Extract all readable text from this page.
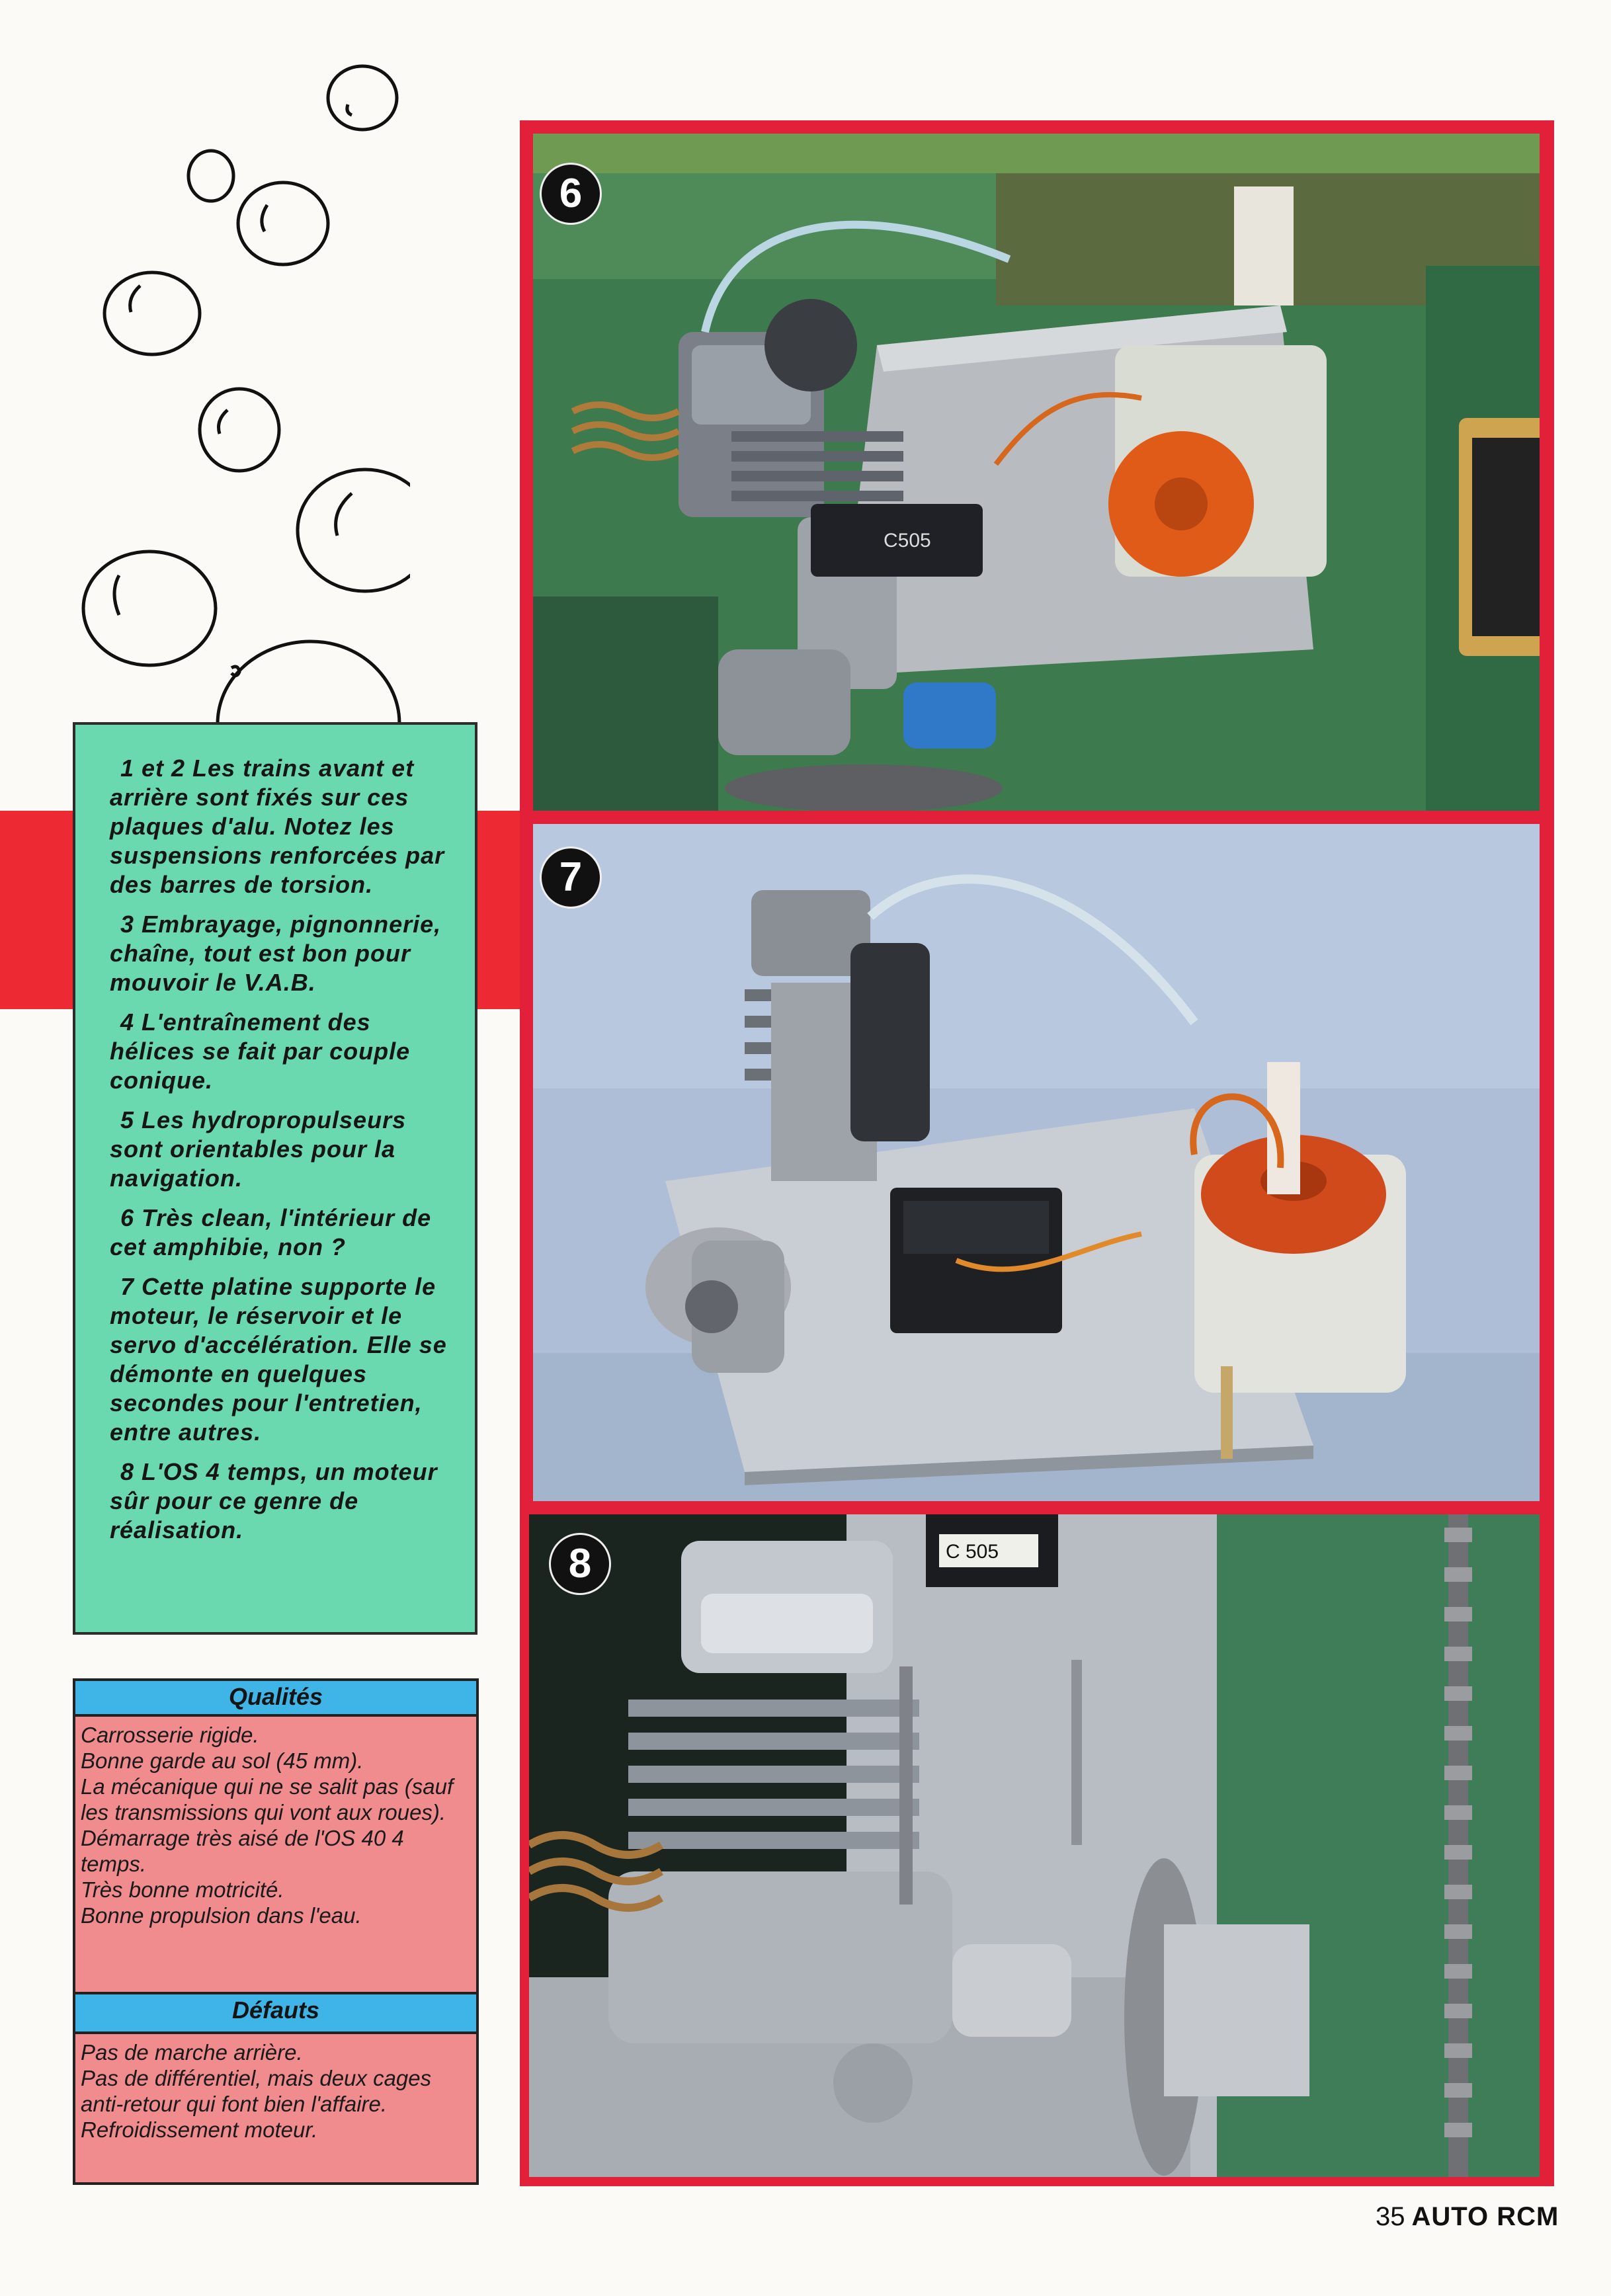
1 et 2 Les trains avant et arrière sont fixés sur ces plaques d'alu. Notez les suspensions renforcées par des barres de torsion.

3 Embrayage, pignonnerie, chaîne, tout est bon pour mouvoir le V.A.B.

4 L'entraînement des hélices se fait par couple conique.

5 Les hydropropulseurs sont orientables pour la navigation.

6 Très clean, l'intérieur de cet amphibie, non ?

7 Cette platine supporte le moteur, le réservoir et le servo d'accélération. Elle se démonte en quelques secondes pour l'entretien, entre autres.

8 L'OS 4 temps, un moteur sûr pour ce genre de réalisation.

Qualités
Carrosserie rigide.
Bonne garde au sol (45 mm).
La mécanique qui ne se salit pas (sauf les transmissions qui vont aux roues).
Démarrage très aisé de l'OS 40 4 temps.
Très bonne motricité.
Bonne propulsion dans l'eau.
Défauts
Pas de marche arrière.
Pas de différentiel, mais deux cages anti-retour qui font bien l'affaire.
Refroidissement moteur.
C505
6
7
C 505
8
35 AUTO RCM
